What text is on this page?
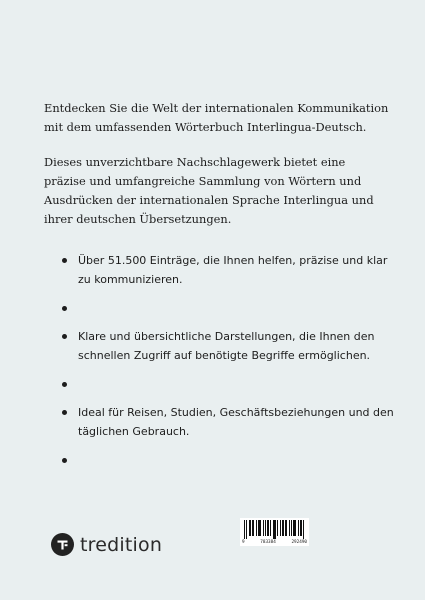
Entdecken Sie die Welt der internationalen Kommunikation mit dem umfassenden Wörterbuch Interlingua-Deutsch.

Dieses unverzichtbare Nachschlagewerk bietet eine präzise und umfangreiche Sammlung von Wörtern und Ausdrücken der internationalen Sprache Interlingua und ihrer deutschen Übersetzungen.

Über 51.500 Einträge, die Ihnen helfen, präzise und klar zu kommunizieren.
Klare und übersichtliche Darstellungen, die Ihnen den schnellen Zugriff auf benötigte Begriffe ermöglichen.
Ideal für Reisen, Studien, Geschäftsbeziehungen und den täglichen Gebrauch.
tredition	9	783384	292490
